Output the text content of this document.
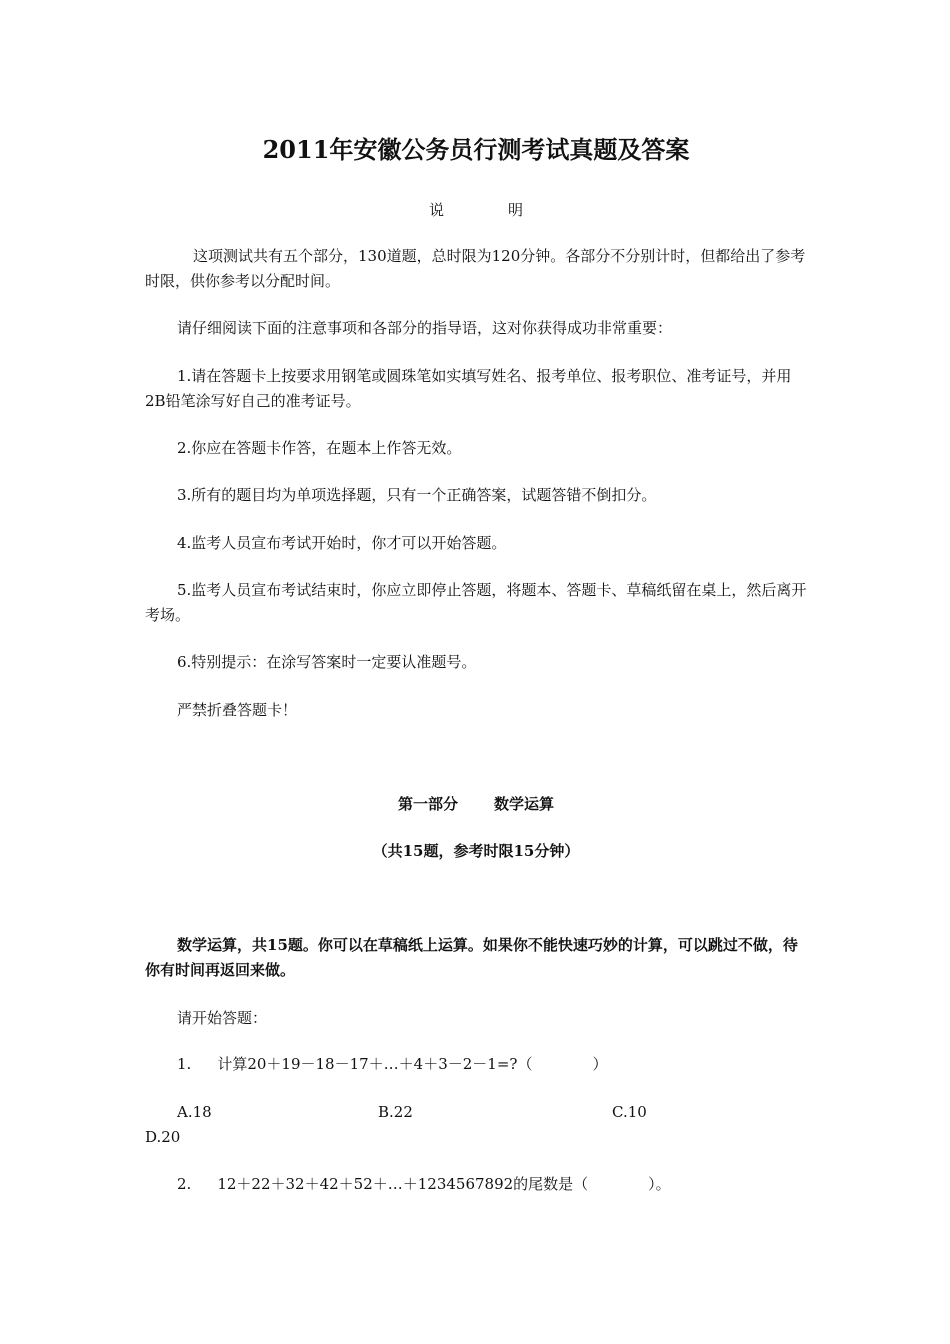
2011年安徽公务员行测考试真题及答案
说	明

这项测试共有五个部分，130道题，总时限为120分钟。各部分不分别计时，但都给出了参考时限，供你参考以分配时间。

请仔细阅读下面的注意事项和各部分的指导语，这对你获得成功非常重要：

1.请在答题卡上按要求用钢笔或圆珠笔如实填写姓名、报考单位、报考职位、准考证号，并用2B铅笔涂写好自己的准考证号。

2.你应在答题卡作答，在题本上作答无效。

3.所有的题目均为单项选择题，只有一个正确答案，试题答错不倒扣分。

4.监考人员宣布考试开始时，你才可以开始答题。

5.监考人员宣布考试结束时，你应立即停止答题，将题本、答题卡、草稿纸留在桌上，然后离开考场。

6.特别提示：在涂写答案时一定要认准题号。

严禁折叠答题卡！

第一部分 数学运算

（共15题，参考时限15分钟）

数学运算，共15题。你可以在草稿纸上运算。如果你不能快速巧妙的计算，可以跳过不做，待你有时间再返回来做。

请开始答题：

1. 计算20＋19－18－17＋…＋4＋3－2－1=?（　　　　）
A.18	B.22	C.10
D.20
2. 12＋22＋32＋42＋52＋…＋1234567892的尾数是（　　　　）。
